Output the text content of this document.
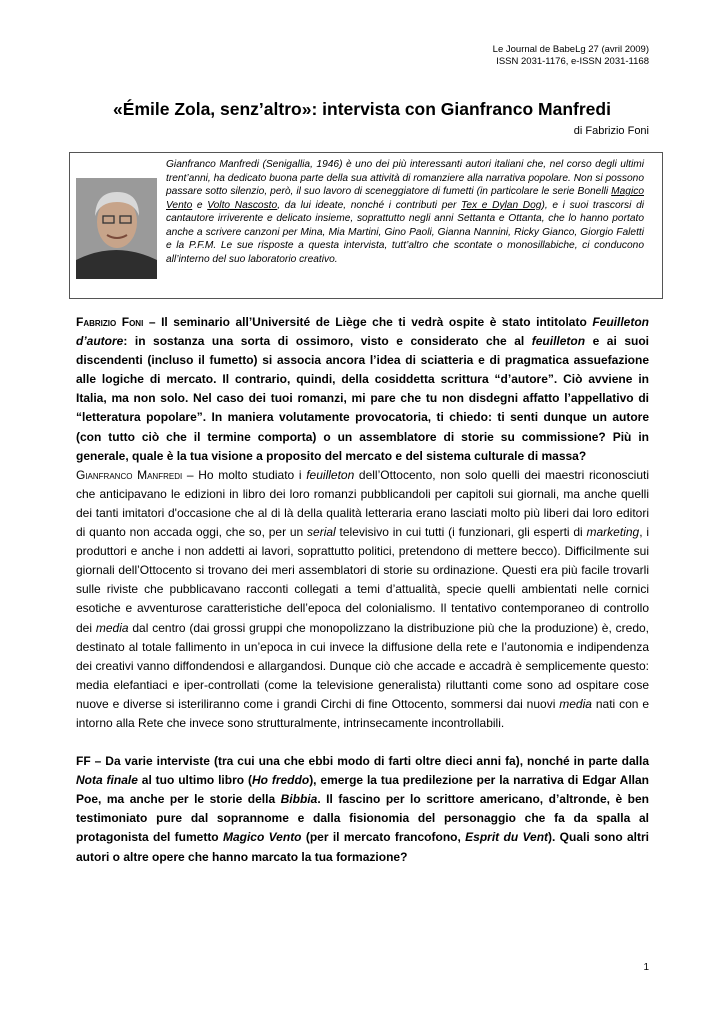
Le Journal de BabeLg 27 (avril 2009)
ISSN 2031-1176, e-ISSN 2031-1168
«Émile Zola, senz’altro»: intervista con Gianfranco Manfredi
di Fabrizio Foni

Gianfranco Manfredi (Senigallia, 1946) è uno dei più interessanti autori italiani che, nel corso degli ultimi trent’anni, ha dedicato buona parte della sua attività di romanziere alla narrativa popolare. Non si possono passare sotto silenzio, però, il suo lavoro di sceneggiatore di fumetti (in particolare le serie Bonelli Magico Vento e Volto Nascosto, da lui ideate, nonché i contributi per Tex e Dylan Dog), e i suoi trascorsi di cantautore irriverente e delicato insieme, soprattutto negli anni Settanta e Ottanta, che lo hanno portato anche a scrivere canzoni per Mina, Mia Martini, Gino Paoli, Gianna Nannini, Ricky Gianco, Giorgio Faletti e la P.F.M. Le sue risposte a questa intervista, tutt’altro che scontate o monosillabiche, ci conducono all’interno del suo laboratorio creativo.

Fabrizio Foni – Il seminario all’Université de Liège che ti vedrà ospite è stato intitolato Feuilleton d’autore: in sostanza una sorta di ossimoro, visto e considerato che al feuilleton e ai suoi discendenti (incluso il fumetto) si associa ancora l’idea di sciatteria e di pragmatica assuefazione alle logiche di mercato. Il contrario, quindi, della cosiddetta scrittura “d’autore”. Ciò avviene in Italia, ma non solo. Nel caso dei tuoi romanzi, mi pare che tu non disdegni affatto l’appellativo di “letteratura popolare”. In maniera volutamente provocatoria, ti chiedo: ti senti dunque un autore (con tutto ciò che il termine comporta) o un assemblatore di storie su commissione? Più in generale, quale è la tua visione a proposito del mercato e del sistema culturale di massa?

Gianfranco Manfredi – Ho molto studiato i feuilleton dell’Ottocento, non solo quelli dei maestri riconosciuti che anticipavano le edizioni in libro dei loro romanzi pubblicandoli per capitoli sui giornali, ma anche quelli dei tanti imitatori d'occasione che al di là della qualità letteraria erano lasciati molto più liberi dai loro editori di quanto non accada oggi, che so, per un serial televisivo in cui tutti (i funzionari, gli esperti di marketing, i produttori e anche i non addetti ai lavori, soprattutto politici, pretendono di mettere becco). Difficilmente sui giornali dell’Ottocento si trovano dei meri assemblatori di storie su ordinazione. Questi era più facile trovarli sulle riviste che pubblicavano racconti collegati a temi d’attualità, specie quelli ambientati nelle cornici esotiche e avventurose caratteristiche dell’epoca del colonialismo. Il tentativo contemporaneo di controllo dei media dal centro (dai grossi gruppi che monopolizzano la distribuzione più che la produzione) è, credo, destinato al totale fallimento in un’epoca in cui invece la diffusione della rete e l’autonomia e indipendenza dei creativi vanno diffondendosi e allargandosi. Dunque ciò che accade e accadrà è semplicemente questo: media elefantiaci e iper-controllati (come la televisione generalista) riluttanti come sono ad ospitare cose nuove e diverse si isteriliranno come i grandi Circhi di fine Ottocento, sommersi dai nuovi media nati con e intorno alla Rete che invece sono strutturalmente, intrinsecamente incontrollabili.

FF – Da varie interviste (tra cui una che ebbi modo di farti oltre dieci anni fa), nonché in parte dalla Nota finale al tuo ultimo libro (Ho freddo), emerge la tua predilezione per la narrativa di Edgar Allan Poe, ma anche per le storie della Bibbia. Il fascino per lo scrittore americano, d’altronde, è ben testimoniato pure dal soprannome e dalla fisionomia del personaggio che fa da spalla al protagonista del fumetto Magico Vento (per il mercato francofono, Esprit du Vent). Quali sono altri autori o altre opere che hanno marcato la tua formazione?

1
